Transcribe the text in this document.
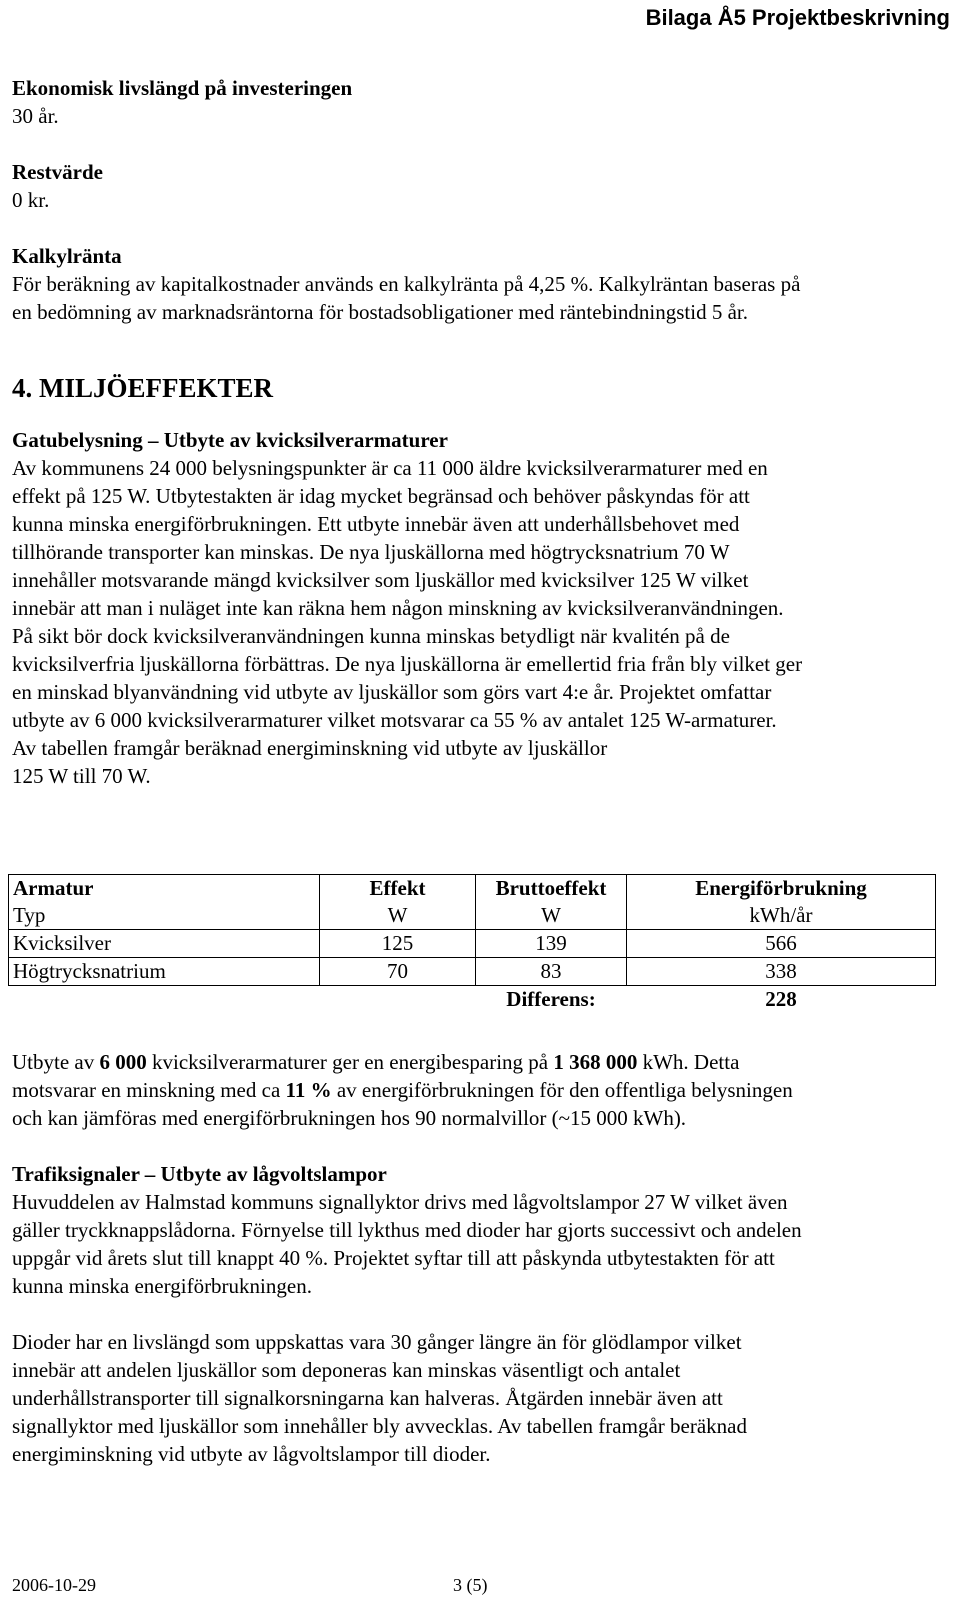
Bilaga Å5 Projektbeskrivning
Ekonomisk livslängd på investeringen
30 år.
Restvärde
0 kr.
Kalkylränta
För beräkning av kapitalkostnader används en kalkylränta på 4,25 %. Kalkylräntan baseras på
en bedömning av marknadsräntorna för bostadsobligationer med räntebindningstid 5 år.
4. MILJÖEFFEKTER
Gatubelysning – Utbyte av kvicksilverarmaturer
Av kommunens 24 000 belysningspunkter är ca 11 000 äldre kvicksilverarmaturer med en
effekt på 125 W. Utbytestakten är idag mycket begränsad och behöver påskyndas för att
kunna minska energiförbrukningen. Ett utbyte innebär även att underhållsbehovet med
tillhörande transporter kan minskas. De nya ljuskällorna med högtrycksnatrium 70 W
innehåller motsvarande mängd kvicksilver som ljuskällor med kvicksilver 125 W vilket
innebär att man i nuläget inte kan räkna hem någon minskning av kvicksilveranvändningen.
På sikt bör dock kvicksilveranvändningen kunna minskas betydligt när kvalitén på de
kvicksilverfria ljuskällorna förbättras. De nya ljuskällorna är emellertid fria från bly vilket ger
en minskad blyanvändning vid utbyte av ljuskällor som görs vart 4:e år. Projektet omfattar
utbyte av 6 000 kvicksilverarmaturer vilket motsvarar ca 55 % av antalet 125 W-armaturer.
Av tabellen framgår beräknad energiminskning vid utbyte av ljuskällor
125 W till 70 W.
Armatur	Effekt	Bruttoeffekt	Energiförbrukning
Typ	W	W	kWh/år
Kvicksilver	125	139	566
Högtrycksnatrium	70	83	338
		Differens:	228
Utbyte av 6 000 kvicksilverarmaturer ger en energibesparing på 1 368 000 kWh. Detta
motsvarar en minskning med ca 11 % av energiförbrukningen för den offentliga belysningen
och kan jämföras med energiförbrukningen hos 90 normalvillor (~15 000 kWh).
Trafiksignaler – Utbyte av lågvoltslampor
Huvuddelen av Halmstad kommuns signallyktor drivs med lågvoltslampor 27 W vilket även
gäller tryckknappslådorna. Förnyelse till lykthus med dioder har gjorts successivt och andelen
uppgår vid årets slut till knappt 40 %. Projektet syftar till att påskynda utbytestakten för att
kunna minska energiförbrukningen.
Dioder har en livslängd som uppskattas vara 30 gånger längre än för glödlampor vilket
innebär att andelen ljuskällor som deponeras kan minskas väsentligt och antalet
underhållstransporter till signalkorsningarna kan halveras. Åtgärden innebär även att
signallyktor med ljuskällor som innehåller bly avvecklas. Av tabellen framgår beräknad
energiminskning vid utbyte av lågvoltslampor till dioder.
2006-10-29	3 (5)
